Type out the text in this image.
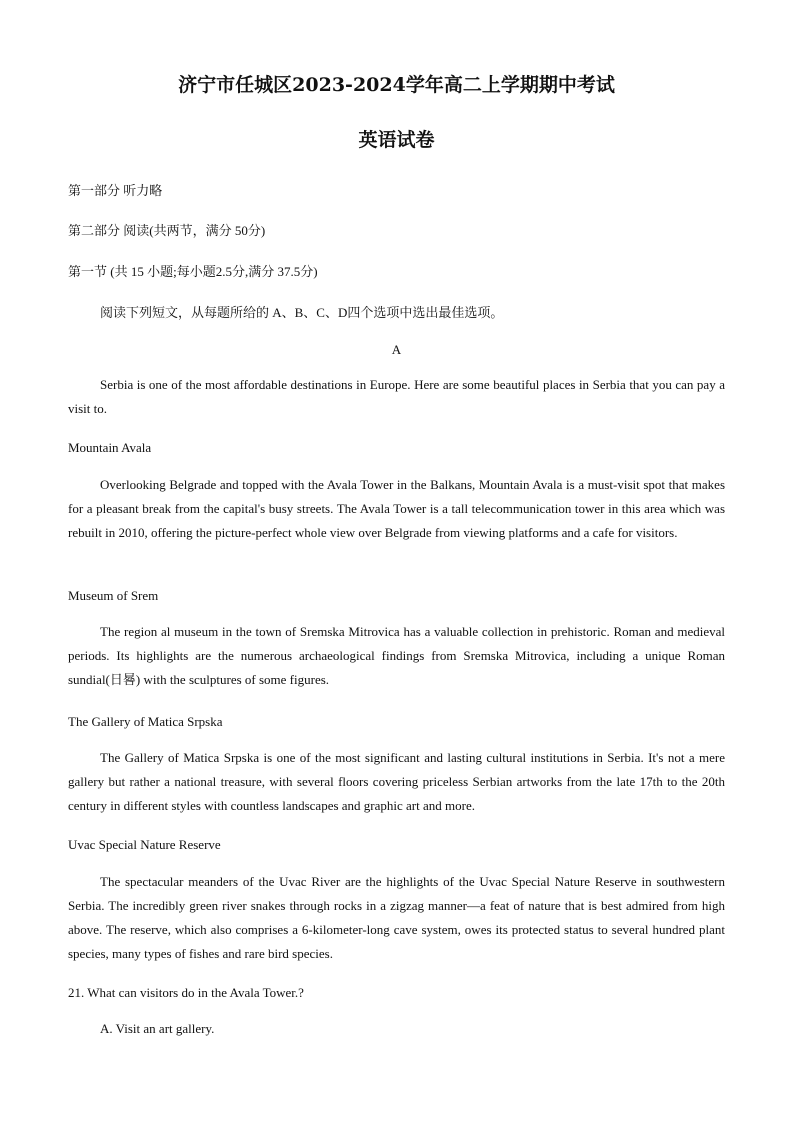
济宁市任城区2023-2024学年高二上学期期中考试
英语试卷
第一部分 听力略
第二部分 阅读(共两节，满分 50分)
第一节 (共 15 小题;每小题2.5分,满分 37.5分)
阅读下列短文，从每题所给的 A、B、C、D四个选项中选出最佳选项。
A
Serbia is one of the most affordable destinations in Europe. Here are some beautiful places in Serbia that you can pay a visit to.
Mountain Avala
Overlooking Belgrade and topped with the Avala Tower in the Balkans, Mountain Avala is a must-visit spot that makes for a pleasant break from the capital's busy streets. The Avala Tower is a tall telecommunication tower in this area which was rebuilt in 2010, offering the picture-perfect whole view over Belgrade from viewing platforms and a cafe for visitors.
Museum of Srem
The region al museum in the town of Sremska Mitrovica has a valuable collection in prehistoric. Roman and medieval periods. Its highlights are the numerous archaeological findings from Sremska Mitrovica, including a unique Roman sundial(日晷) with the sculptures of some figures.
The Gallery of Matica Srpska
The Gallery of Matica Srpska is one of the most significant and lasting cultural institutions in Serbia. It's not a mere gallery but rather a national treasure, with several floors covering priceless Serbian artworks from the late 17th to the 20th century in different styles with countless landscapes and graphic art and more.
Uvac Special Nature Reserve
The spectacular meanders of the Uvac River are the highlights of the Uvac Special Nature Reserve in southwestern Serbia. The incredibly green river snakes through rocks in a zigzag manner—a feat of nature that is best admired from high above. The reserve, which also comprises a 6-kilometer-long cave system, owes its protected status to several hundred plant species, many types of fishes and rare bird species.
21. What can visitors do in the Avala Tower.?
A. Visit an art gallery.
